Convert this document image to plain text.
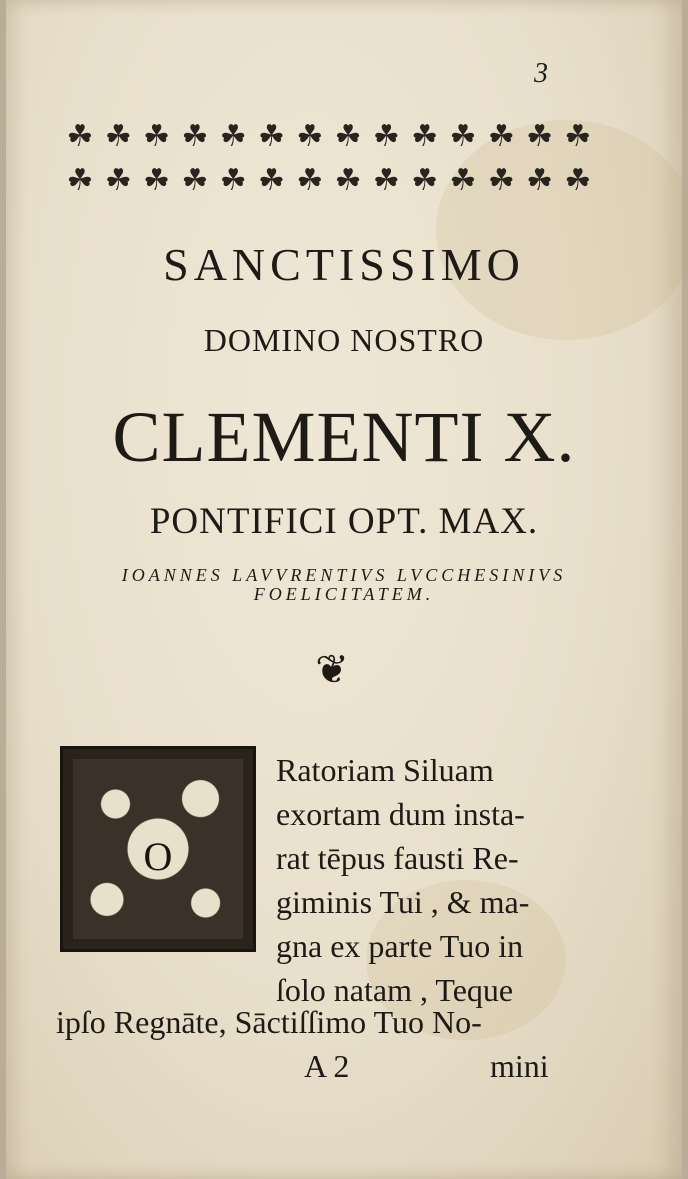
3
☘ ☘ ☘ ☘ ☘ ☘ ☘ ☘ ☘ ☘ ☘ ☘ ☘ ☘
☘ ☘ ☘ ☘ ☘ ☘ ☘ ☘ ☘ ☘ ☘ ☘ ☘ ☘
SANCTISSIMO
DOMINO NOSTRO
CLEMENTI X.
PONTIFICI OPT. MAX.
IOANNES LAVVRENTIVS LVCCHESINIVS
FOELICITATEM.
❦
O
Ratoriam Siluam
exortam dum insta-
rat tēpus fausti Re-
giminis Tui , & ma-
gna ex parte Tuo in
ſolo natam , Teque
ipſo Regnāte, Sāctiſſimo Tuo No-
A 2	mini
